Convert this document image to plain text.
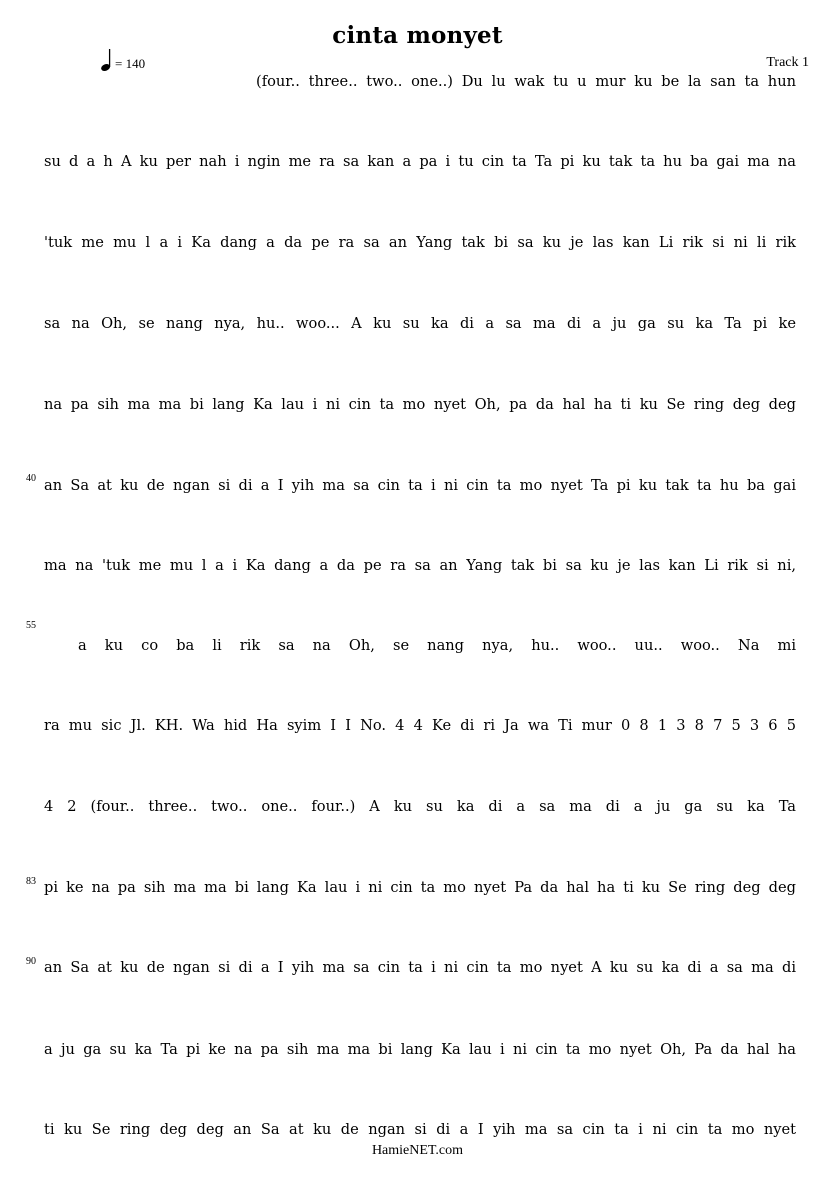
cinta monyet
= 140	Track 1
(four.. three.. two.. one..) Du lu wak tu u mur ku be la san ta hun
su d a h A ku per nah i ngin me ra sa kan a pa i tu cin ta Ta pi ku tak ta hu ba gai ma na
'tuk me mu l a i Ka dang a da pe ra sa an Yang tak bi sa ku je las kan Li rik si ni li rik
sa na Oh, se nang nya, hu.. woo... A ku su ka di a sa ma di a ju ga su ka Ta pi ke
na pa sih ma ma bi lang Ka lau i ni cin ta mo nyet Oh, pa da hal ha ti ku Se ring deg deg
40 an Sa at ku de ngan si di a I yih ma sa cin ta i ni cin ta mo nyet Ta pi ku tak ta hu ba gai
ma na 'tuk me mu l a i Ka dang a da pe ra sa an Yang tak bi sa ku je las kan Li rik si ni,
55
a ku co ba li rik sa na Oh, se nang nya, hu.. woo.. uu.. woo.. Na mi
ra mu sic Jl. KH. Wa hid Ha syim I I No. 4 4 Ke di ri Ja wa Ti mur 0 8 1 3 8 7 5 3 6 5
4 2 (four.. three.. two.. one.. four..) A ku su ka di a sa ma di a ju ga su ka Ta
83 pi ke na pa sih ma ma bi lang Ka lau i ni cin ta mo nyet Pa da hal ha ti ku Se ring deg deg
90 an Sa at ku de ngan si di a I yih ma sa cin ta i ni cin ta mo nyet A ku su ka di a sa ma di
a ju ga su ka Ta pi ke na pa sih ma ma bi lang Ka lau i ni cin ta mo nyet Oh, Pa da hal ha
ti ku Se ring deg deg an Sa at ku de ngan si di a I yih ma sa cin ta i ni cin ta mo nyet
HamieNET.com
